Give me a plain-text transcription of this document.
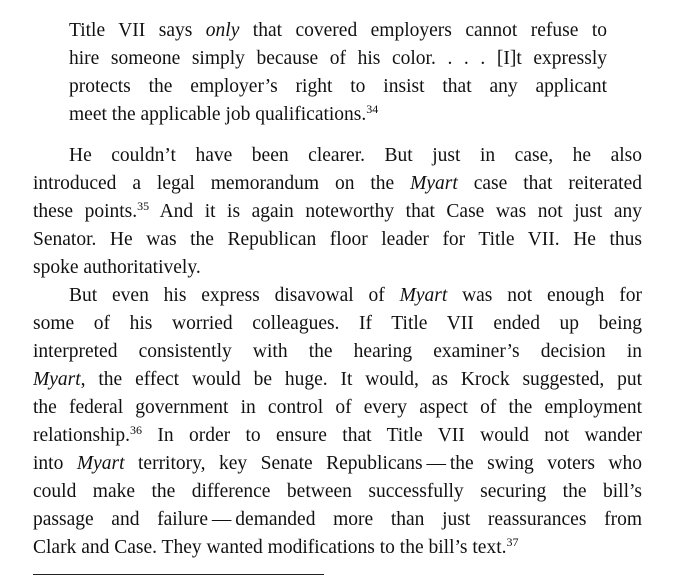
Title VII says only that covered employers cannot refuse to
hire someone simply because of his color. . . . [I]t expressly
protects the employer’s right to insist that any applicant
meet the applicable job qualifications.$^{34}$
He couldn’t have been clearer. But just in case, he also
introduced a legal memorandum on the Myart case that reiterated
these points.$^{35}$ And it is again noteworthy that Case was not just any
Senator. He was the Republican floor leader for Title VII. He thus
spoke authoritatively.
But even his express disavowal of Myart was not enough for
some of his worried colleagues. If Title VII ended up being
interpreted consistently with the hearing examiner’s decision in
Myart, the effect would be huge. It would, as Krock suggested, put
the federal government in control of every aspect of the employment
relationship.$^{36}$ In order to ensure that Title VII would not wander
into Myart territory, key Senate Republicans — the swing voters who
could make the difference between successfully securing the bill’s
passage and failure — demanded more than just reassurances from
Clark and Case. They wanted modifications to the bill’s text.$^{37}$
